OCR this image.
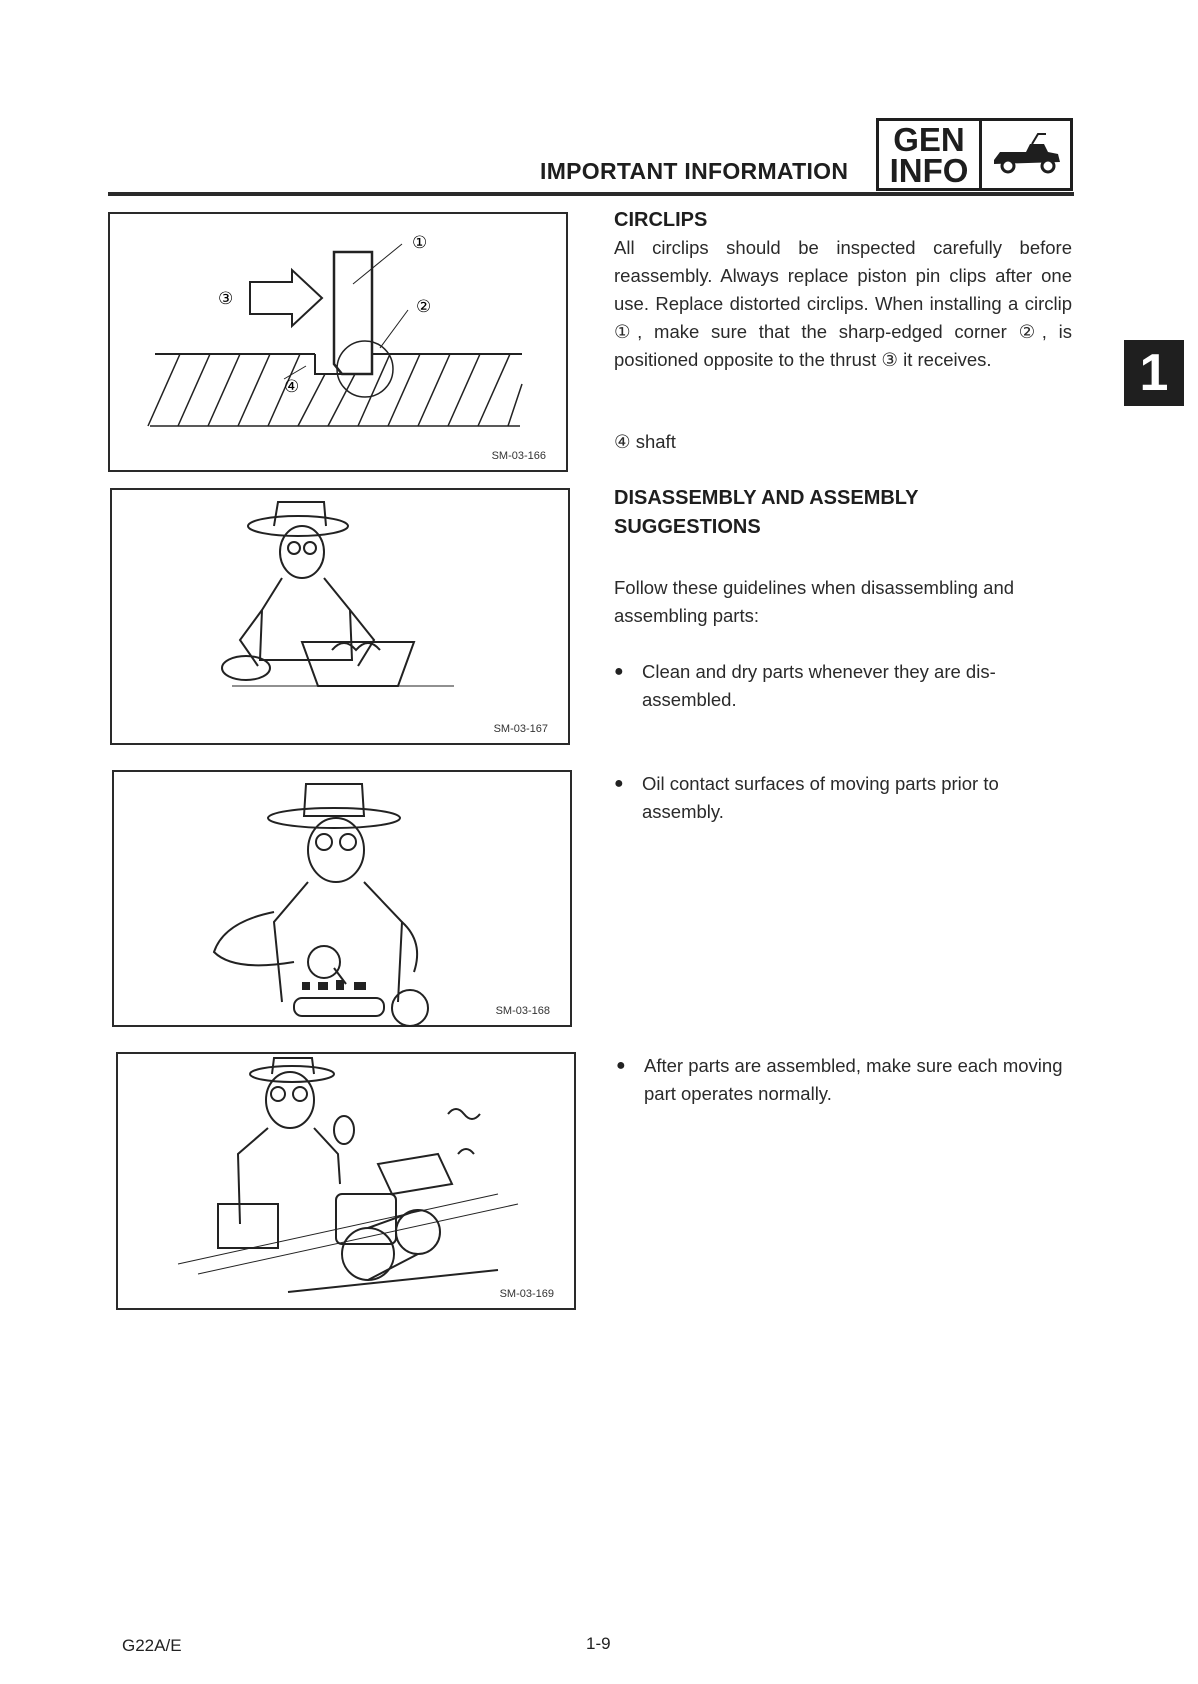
IMPORTANT INFORMATION
GEN
INFO
1
①
②
③
④
SM-03-166
SM-03-167
SM-03-168
SM-03-169
CIRCLIPS
All circlips should be inspected carefully before reassembly. Always replace piston pin clips after one use. Replace distorted circlips. When installing a circlip ①, make sure that the sharp-edged corner ②, is positioned opposite to the thrust ③ it receives.
④ shaft
DISASSEMBLY AND ASSEMBLY
SUGGESTIONS
Follow these guidelines when disassembling and assembling parts:
● Clean and dry parts whenever they are dis-assembled.
● Oil contact surfaces of moving parts prior to assembly.
● After parts are assembled, make sure each moving part operates normally.
G22A/E	1-9
